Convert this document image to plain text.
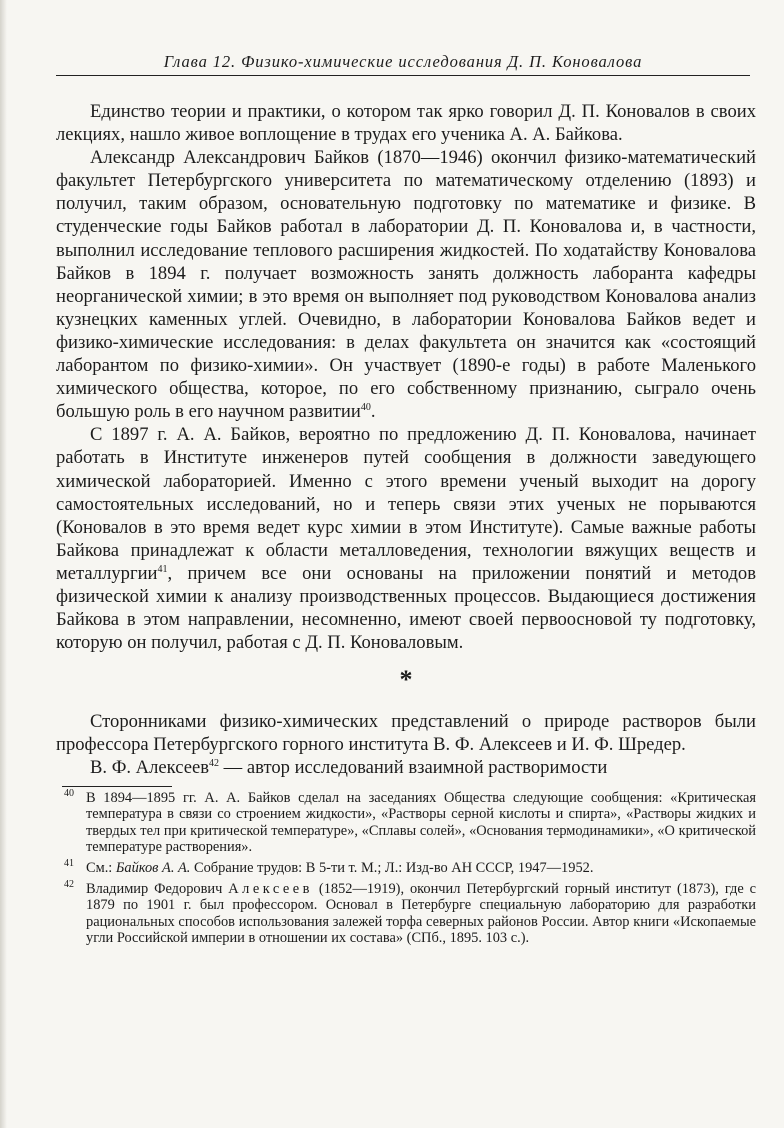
Глава 12. Физико-химические исследования Д. П. Коновалова

Единство теории и практики, о котором так ярко говорил Д. П. Коновалов в своих лекциях, нашло живое воплощение в трудах его ученика А. А. Байкова.

Александр Александрович Байков (1870—1946) окончил физико-математический факультет Петербургского университета по математическому отделению (1893) и получил, таким образом, основательную подготовку по математике и физике. В студенческие годы Байков работал в лаборатории Д. П. Коновалова и, в частности, выполнил исследование теплового расширения жидкостей. По ходатайству Коновалова Байков в 1894 г. получает возможность занять должность лаборанта кафедры неорганической химии; в это время он выполняет под руководством Коновалова анализ кузнецких каменных углей. Очевидно, в лаборатории Коновалова Байков ведет и физико-химические исследования: в делах факультета он значится как «состоящий лаборантом по физико-химии». Он участвует (1890-е годы) в работе Маленького химического общества, которое, по его собственному признанию, сыграло очень большую роль в его научном развитии$^{40}$.

С 1897 г. А. А. Байков, вероятно по предложению Д. П. Коновалова, начинает работать в Институте инженеров путей сообщения в должности заведующего химической лабораторией. Именно с этого времени ученый выходит на дорогу самостоятельных исследований, но и теперь связи этих ученых не порываются (Коновалов в это время ведет курс химии в этом Институте). Самые важные работы Байкова принадлежат к области металловедения, технологии вяжущих веществ и металлургии$^{41}$, причем все они основаны на приложении понятий и методов физической химии к анализу производственных процессов. Выдающиеся достижения Байкова в этом направлении, несомненно, имеют своей первоосновой ту подготовку, которую он получил, работая с Д. П. Коноваловым.

*

Сторонниками физико-химических представлений о природе растворов были профессора Петербургского горного института В. Ф. Алексеев и И. Ф. Шредер.

В. Ф. Алексеев$^{42}$ — автор исследований взаимной растворимости

$^{40}$ В 1894—1895 гг. А. А. Байков сделал на заседаниях Общества следующие сообщения: «Критическая температура в связи со строением жидкости», «Растворы серной кислоты и спирта», «Растворы жидких и твердых тел при критической температуре», «Сплавы солей», «Основания термодинамики», «О критической температуре растворения».

$^{41}$ См.: Байков А. А. Собрание трудов: В 5-ти т. М.; Л.: Изд-во АН СССР, 1947—1952.

$^{42}$ Владимир Федорович Алексеев (1852—1919), окончил Петербургский горный институт (1873), где с 1879 по 1901 г. был профессором. Основал в Петербурге специальную лабораторию для разработки рациональных способов использования залежей торфа северных районов России. Автор книги «Ископаемые угли Российской империи в отношении их состава» (СПб., 1895. 103 с.).
